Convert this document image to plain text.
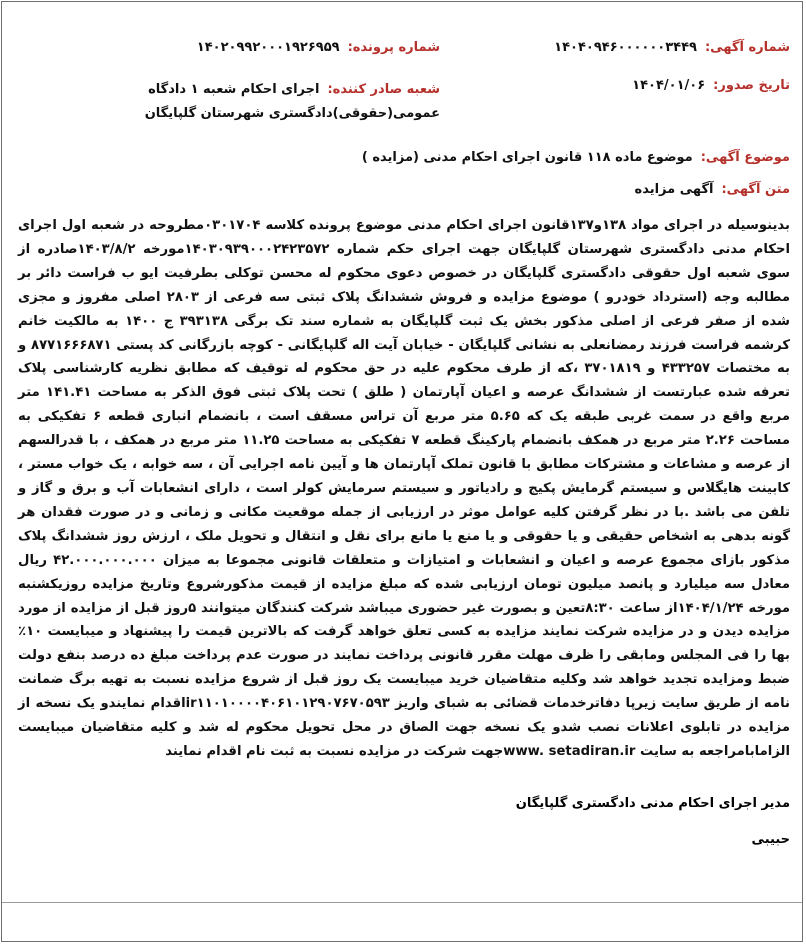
شماره آگهی:۱۴۰۴۰۹۴۶۰۰۰۰۰۰۳۴۴۹
شماره پرونده:۱۴۰۲۰۹۹۲۰۰۰۱۹۲۶۹۵۹
تاریخ صدور:۱۴۰۴/۰۱/۰۶
شعبه صادر کننده:اجرای احکام شعبه ۱ دادگاه عمومی(حقوقی)دادگستری شهرستان گلپایگان
موضوع آگهی:موضوع ماده ۱۱۸ قانون اجرای احکام مدنی (مزایده )
متن آگهی:آگهی مزایده
بدینوسیله در اجرای مواد ۱۳۸و۱۳۷قانون اجرای احکام مدنی موضوع پرونده کلاسه ۰۳۰۱۷۰۴مطروحه در شعبه اول اجرای احکام مدنی دادگستری شهرستان گلپایگان جهت اجرای حکم شماره ۱۴۰۳۰۹۳۹۰۰۰۲۴۲۳۵۷۲مورخه ۱۴۰۳/۸/۲صادره از سوی شعبه اول حقوقی دادگستری گلپایگان در خصوص دعوی محکوم له محسن توکلی بطرفیت ایو ب فراست دائر بر مطالبه وجه (استرداد خودرو ) موضوع مزایده و فروش ششدانگ پلاک ثبتی سه فرعی از ۲۸۰۳ اصلی مفروز و مجزی شده از صفر فرعی از اصلی مذکور بخش یک ثبت گلپایگان به شماره سند تک برگی ۳۹۳۱۳۸ ج ۱۴۰۰ به مالکیت خانم کرشمه فراست فرزند رمضانعلی به نشانی گلپایگان - خیابان آیت اله گلپایگانی - کوچه بازرگانی کد پستی ۸۷۷۱۶۶۶۸۷۱ و به مختصات ۴۳۳۲۵۷ و ۳۷۰۱۸۱۹ ،که از طرف محکوم علیه در حق محکوم له توقیف که مطابق نظریه کارشناسی پلاک تعرفه شده عبارتست از ششدانگ عرصه و اعیان آپارتمان ( طلق ) تحت پلاک ثبتی فوق الذکر به مساحت ۱۴۱.۴۱ متر مربع واقع در سمت غربی طبقه یک که ۵.۶۵ متر مربع آن تراس مسقف است ، بانضمام انباری قطعه ۶ تفکیکی به مساحت ۲.۲۶ متر مربع در همکف بانضمام پارکینگ قطعه ۷ تفکیکی به مساحت ۱۱.۲۵ متر مربع در همکف ، با قدرالسهم از عرصه و مشاعات و مشترکات مطابق با قانون تملک آپارتمان ها و آیین نامه اجرایی آن ، سه خوابه ، یک خواب مستر ، کابینت هایگلاس و سیستم گرمایش پکیج و رادیاتور و سیستم سرمایش کولر است ، دارای انشعابات آب و برق و گاز و تلفن می باشد .با در نظر گرفتن کلیه عوامل موثر در ارزیابی از جمله موقعیت مکانی و زمانی و در صورت فقدان هر گونه بدهی به اشخاص حقیقی و یا حقوقی و یا منع یا مانع برای نقل و انتقال و تحویل ملک ، ارزش روز ششدانگ پلاک مذکور بازای مجموع عرصه و اعیان و انشعابات و امتیازات و متعلقات قانونی مجموعا به میزان ۴۲.۰۰۰.۰۰۰.۰۰۰ ریال معادل سه میلیارد و پانصد میلیون تومان ارزیابی شده که مبلغ مزایده از قیمت مذکورشروع وتاریخ مزایده روزیکشنبه مورخه ۱۴۰۴/۱/۲۴از ساعت ۸:۳۰تعین و بصورت غیر حضوری میباشد شرکت کنندگان میتوانند ۵روز قبل از مزایده از مورد مزایده دیدن و در مزایده شرکت نمایند مزایده به کسی تعلق خواهد گرفت که بالاترین قیمت را پیشنهاد و میبایست ۱۰٪ بها را فی المجلس ومابقی را ظرف مهلت مقرر قانونی پرداخت نمایند در صورت عدم پرداخت مبلغ ده درصد بنفع دولت ضبط ومزایده تجدید خواهد شد وکلیه متقاضیان خرید میبایست یک روز قبل از شروع مزایده نسبت به تهیه برگ ضمانت نامه از طریق سایت زیرپا دفاترخدمات قضائی به شبای واریز ir۱۱۰۱۰۰۰۰۴۰۶۱۰۱۲۹۰۷۶۷۰۵۹۳اقدام نمایندو یک نسخه از مزایده در تابلوی اعلانات نصب شدو یک نسخه جهت الصاق در محل تحویل محکوم له شد و کلیه متقاضیان میبایست الزامابامراجعه به سایت www. setadiran.irجهت شرکت در مزایده نسبت به ثبت نام اقدام نمایند
مدیر اجرای احکام مدنی دادگستری گلپایگان
حبیبی
